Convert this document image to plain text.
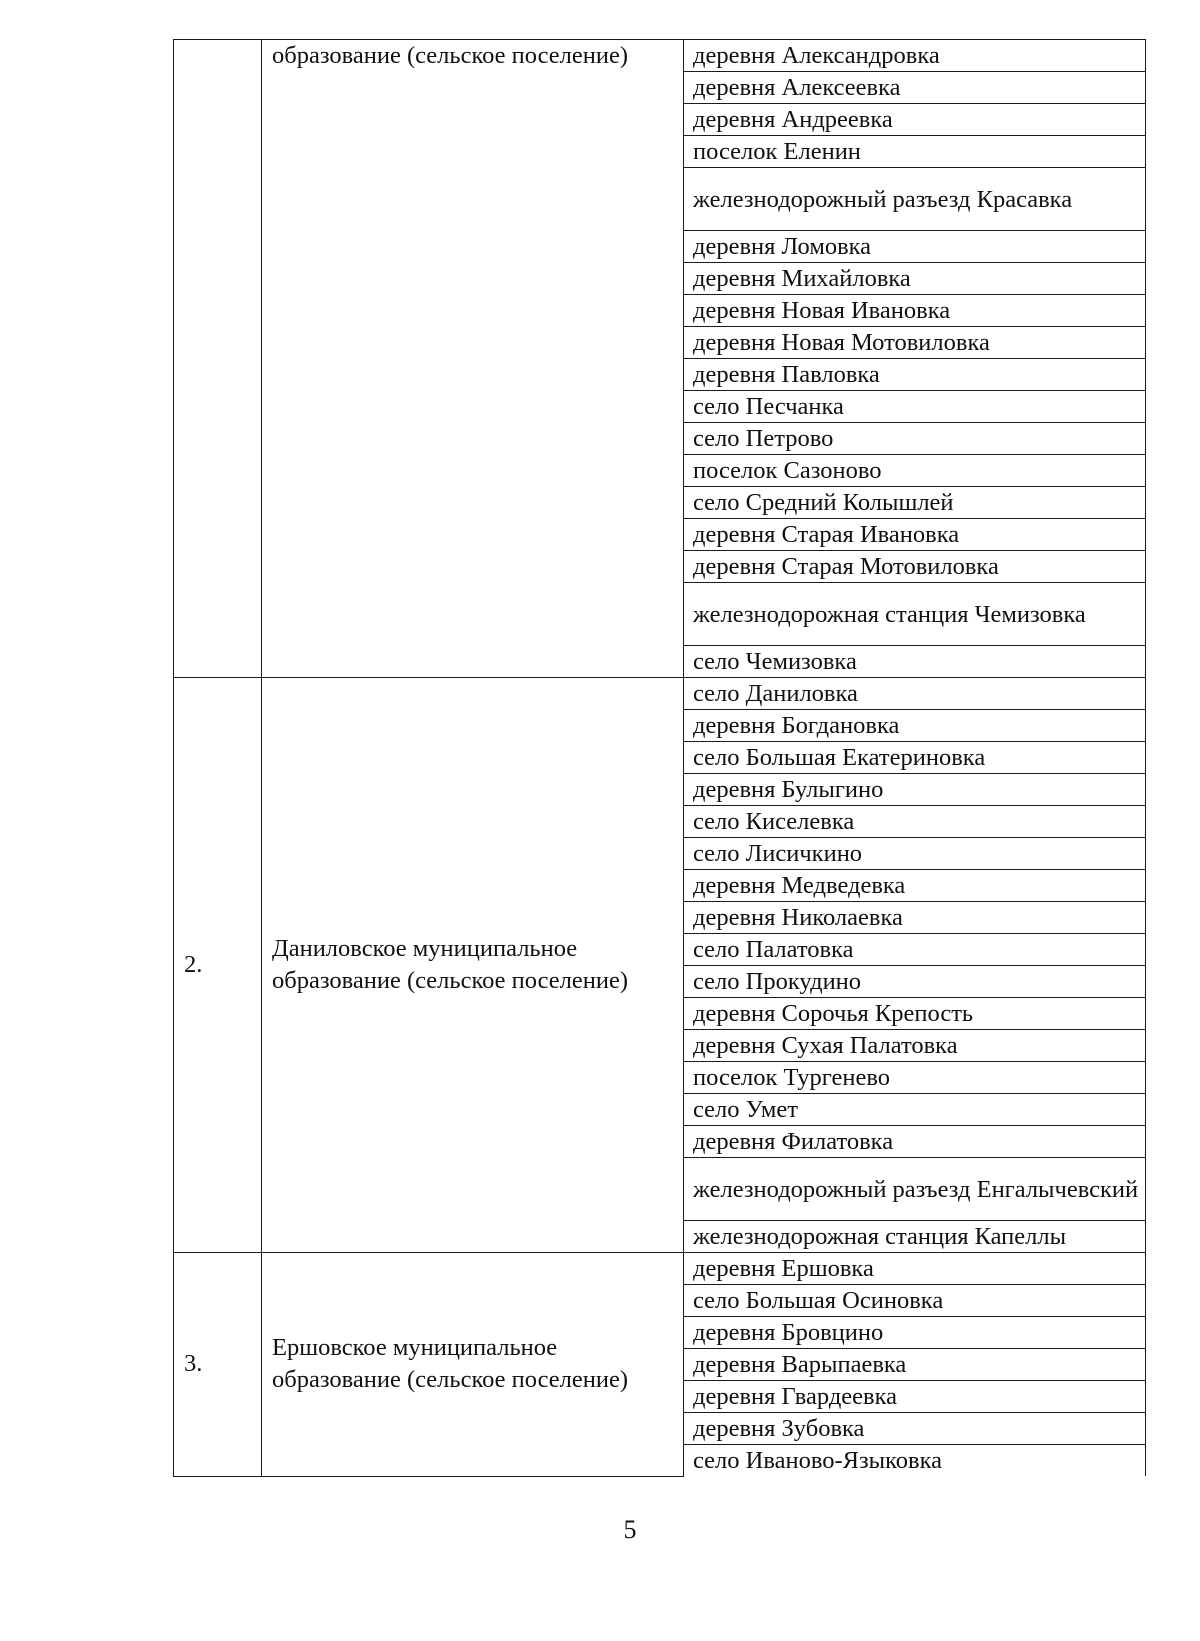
	образование (сельское поселение)	деревня Александровка
		деревня Алексеевка
		деревня Андреевка
		поселок Еленин
		железнодорожный разъезд Красавка
		деревня Ломовка
		деревня Михайловка
		деревня Новая Ивановка
		деревня Новая Мотовиловка
		деревня Павловка
		село Песчанка
		село Петрово
		поселок Сазоново
		село Средний Колышлей
		деревня Старая Ивановка
		деревня Старая Мотовиловка
		железнодорожная станция Чемизовка
		село Чемизовка
2.	Даниловское муниципальное образование (сельское поселение)	село Даниловка
		деревня Богдановка
		село Большая Екатериновка
		деревня Булыгино
		село Киселевка
		село Лисичкино
		деревня Медведевка
		деревня Николаевка
		село Палатовка
		село Прокудино
		деревня Сорочья Крепость
		деревня Сухая Палатовка
		поселок Тургенево
		село Умет
		деревня Филатовка
		железнодорожный разъезд Енгалычевский
		железнодорожная станция Капеллы
3.	Ершовское муниципальное образование (сельское поселение)	деревня Ершовка
		село Большая Осиновка
		деревня Бровцино
		деревня Варыпаевка
		деревня Гвардеевка
		деревня Зубовка
		село Иваново-Языковка
5
